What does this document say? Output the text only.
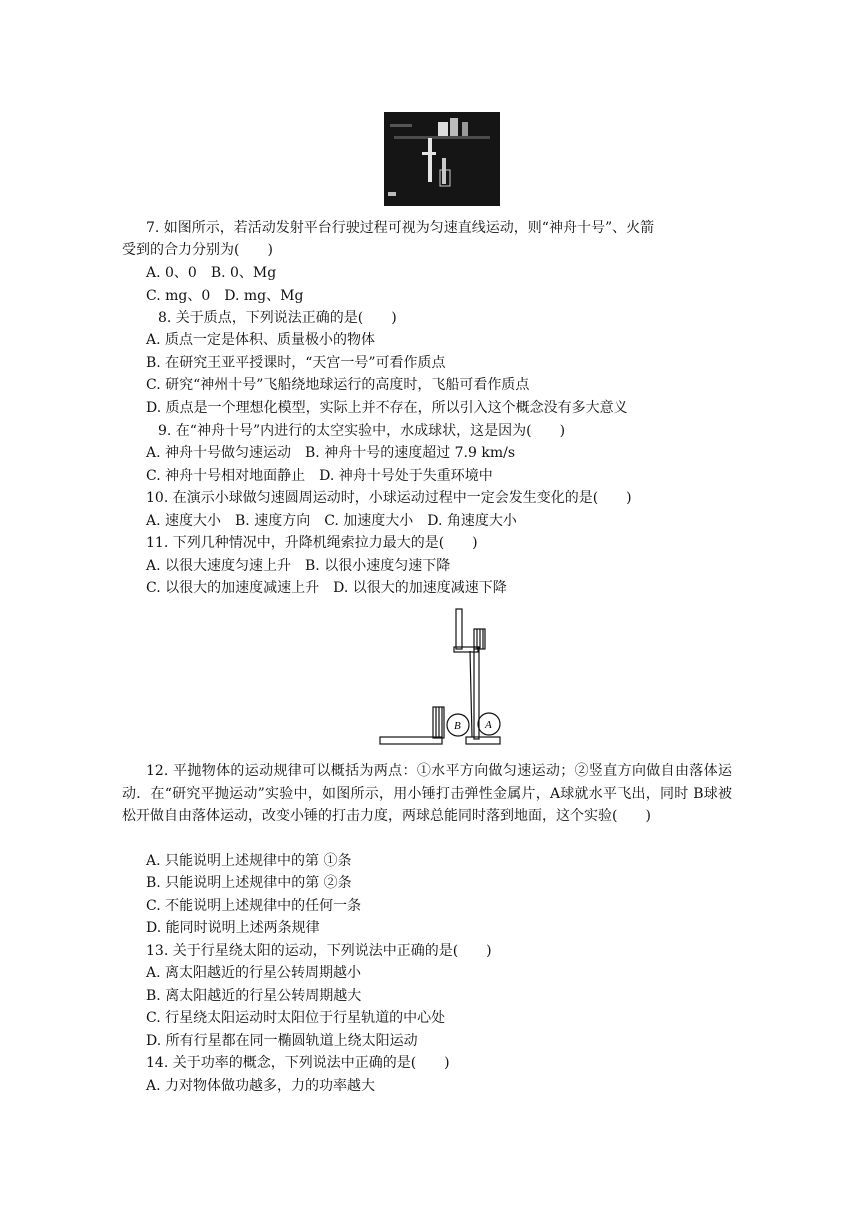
7. 如图所示，若活动发射平台行驶过程可视为匀速直线运动，则“神舟十号”、火箭
受到的合力分别为(　　)
A. 0、0　 B. 0、Mg
C. mg、0　 D. mg、Mg
8. 关于质点，下列说法正确的是(　　)
A. 质点一定是体积、质量极小的物体
B. 在研究王亚平授课时，“天宫一号”可看作质点
C. 研究“神州十号”飞船绕地球运行的高度时，飞船可看作质点
D. 质点是一个理想化模型，实际上并不存在，所以引入这个概念没有多大意义
9. 在“神舟十号”内进行的太空实验中，水成球状，这是因为(　　)
A. 神舟十号做匀速运动　B. 神舟十号的速度超过 7.9 km/s
C. 神舟十号相对地面静止　D. 神舟十号处于失重环境中
10. 在演示小球做匀速圆周运动时，小球运动过程中一定会发生变化的是(　　)
A. 速度大小　B. 速度方向　C. 加速度大小　D. 角速度大小
11. 下列几种情况中，升降机绳索拉力最大的是(　　)
A. 以很大速度匀速上升　B. 以很小速度匀速下降
C. 以很大的加速度减速上升　D. 以很大的加速度减速下降
B A
12. 平抛物体的运动规律可以概括为两点：①水平方向做匀速运动；②竖直方向做自由落体运动．在“研究平抛运动”实验中，如图所示，用小锤打击弹性金属片，A球就水平飞出，同时 B球被松开做自由落体运动，改变小锤的打击力度，两球总能同时落到地面，这个实验(　　)
A. 只能说明上述规律中的第 ①条
B. 只能说明上述规律中的第 ②条
C. 不能说明上述规律中的任何一条
D. 能同时说明上述两条规律
13. 关于行星绕太阳的运动，下列说法中正确的是(　　)
A. 离太阳越近的行星公转周期越小
B. 离太阳越近的行星公转周期越大
C. 行星绕太阳运动时太阳位于行星轨道的中心处
D. 所有行星都在同一椭圆轨道上绕太阳运动
14. 关于功率的概念，下列说法中正确的是(　　)
A. 力对物体做功越多，力的功率越大
